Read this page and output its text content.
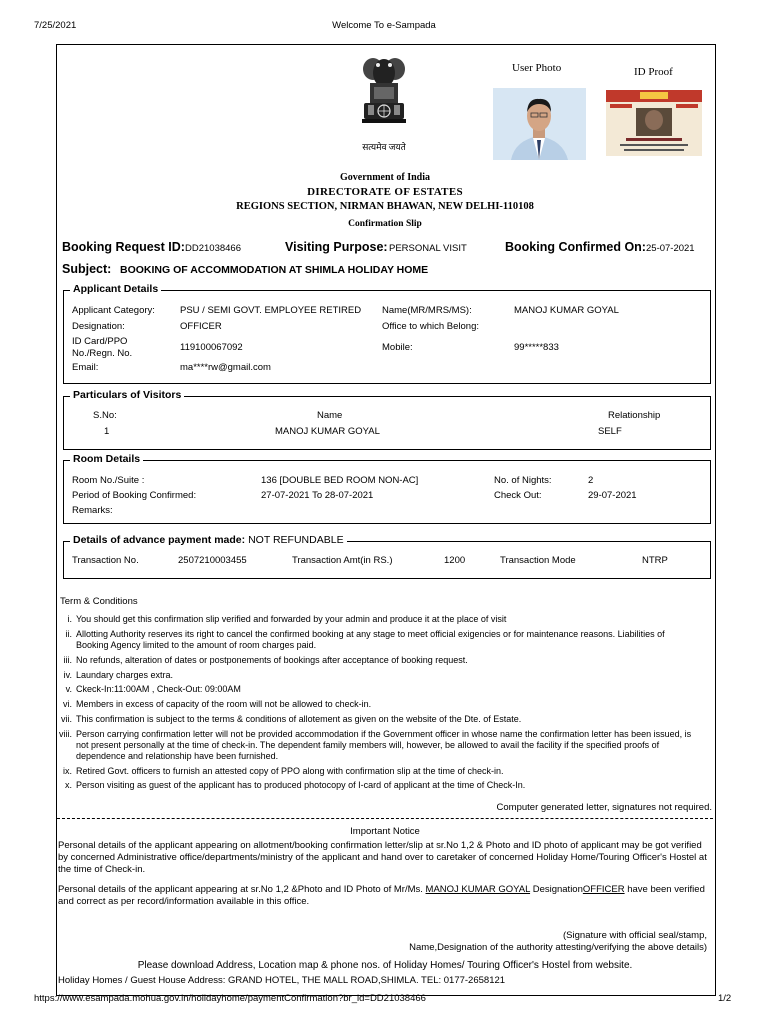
7/25/2021	Welcome To e-Sampada
https://www.esampada.mohua.gov.in/holidayhome/paymentConfirmation?br_id=DD21038466	1/2
सत्यमेव जयते
User Photo	ID Proof
Government of India
DIRECTORATE OF ESTATES
REGIONS SECTION, NIRMAN BHAWAN, NEW DELHI-110108
Confirmation Slip
Booking Request ID: DD21038466	Visiting Purpose: PERSONAL VISIT	Booking Confirmed On: 25-07-2021
Subject: BOOKING OF ACCOMMODATION AT SHIMLA HOLIDAY HOME
Applicant Details
Applicant Category:	PSU / SEMI GOVT. EMPLOYEE RETIRED Name(MR/MRS/MS):	MANOJ KUMAR GOYAL
Designation:	OFFICER	Office to which Belong:
ID Card/PPO
No./Regn. No.
119100067092	Mobile:	99*****833
Email:	ma****rw@gmail.com
Particulars of Visitors
S.No:	Name	Relationship
1	MANOJ KUMAR GOYAL	SELF
Room Details
Room No./Suite :	136 [DOUBLE BED ROOM NON-AC]	No. of Nights:	2
Period of Booking Confirmed:	27-07-2021 To 28-07-2021	Check Out:	29-07-2021
Remarks:
Details of advance payment made: NOT REFUNDABLE
Transaction No.	2507210003455	Transaction Amt(in RS.)	1200	Transaction Mode	NTRP
Term & Conditions
i. You should get this confirmation slip verified and forwarded by your admin and produce it at the place of visit
ii. Allotting Authority reserves its right to cancel the confirmed booking at any stage to meet official exigencies or for maintenance reasons. Liabilities of Booking Agency limited to the amount of room charges paid.
iii. No refunds, alteration of dates or postponements of bookings after acceptance of booking request.
iv. Laundary charges extra.
v. Ckeck-In:11:00AM , Check-Out: 09:00AM
vi. Members in excess of capacity of the room will not be allowed to check-in.
vii. This confirmation is subject to the terms & conditions of allotement as given on the website of the Dte. of Estate.
viii. Person carrying confirmation letter will not be provided accommodation if the Government officer in whose name the confirmation letter has been issued, is not present personally at the time of check-in. The dependent family members will, however, be allowed to avail the facility if the specified proofs of dependence and relationship have been furnished.
ix. Retired Govt. officers to furnish an attested copy of PPO along with confirmation slip at the time of check-in.
x. Person visiting as guest of the applicant has to produced photocopy of I-card of applicant at the time of Check-In.
Computer generated letter, signatures not required.
Important Notice
Personal details of the applicant appearing on allotment/booking confirmation letter/slip at sr.No 1,2 & Photo and ID photo of applicant may be got verified by concerned Administrative office/departments/ministry of the applicant and hand over to caretaker of concerned Holiday Home/Touring Officer's Hostel at the time of Check-in.
Personal details of the applicant appearing at sr.No 1,2 &Photo and ID Photo of Mr/Ms. MANOJ KUMAR GOYAL DesignationOFFICER have been verified and correct as per record/information available in this office.
(Signature with official seal/stamp,
Name,Designation of the authority attesting/verifying the above details)
Please download Address, Location map & phone nos. of Holiday Homes/ Touring Officer's Hostel from website.
Holiday Homes / Guest House Address: GRAND HOTEL, THE MALL ROAD,SHIMLA. TEL: 0177-2658121
